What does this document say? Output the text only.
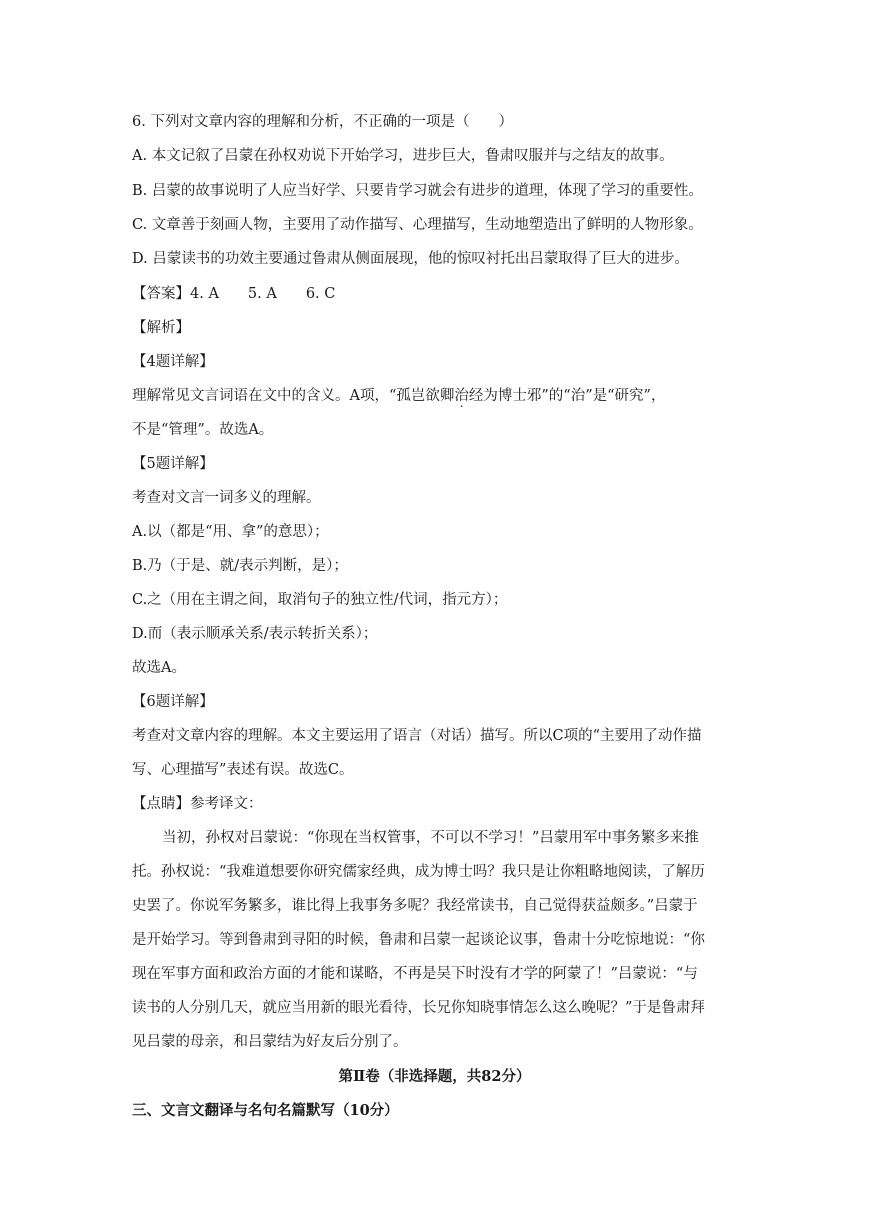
6. 下列对文章内容的理解和分析，不正确的一项是（　　）
A. 本文记叙了吕蒙在孙权劝说下开始学习，进步巨大，鲁肃叹服并与之结友的故事。
B. 吕蒙的故事说明了人应当好学、只要肯学习就会有进步的道理，体现了学习的重要性。
C. 文章善于刻画人物，主要用了动作描写、心理描写，生动地塑造出了鲜明的人物形象。
D. 吕蒙读书的功效主要通过鲁肃从侧面展现，他的惊叹衬托出吕蒙取得了巨大的进步。
【答案】4. A　　5. A　　6. C
【解析】
【4题详解】
理解常见文言词语在文中的含义。A项，“孤岂欲卿治经为博士邪”的“治”是“研究”，
不是“管理”。故选A。
【5题详解】
考查对文言一词多义的理解。
A.以（都是“用、拿”的意思）；
B.乃（于是、就/表示判断，是）；
C.之（用在主谓之间，取消句子的独立性/代词，指元方）；
D.而（表示顺承关系/表示转折关系）；
故选A。
【6题详解】
考查对文章内容的理解。本文主要运用了语言（对话）描写。所以C项的“主要用了动作描
写、心理描写”表述有误。故选C。
【点睛】参考译文：
当初，孙权对吕蒙说：“你现在当权管事，不可以不学习！”吕蒙用军中事务繁多来推
托。孙权说：“我难道想要你研究儒家经典，成为博士吗？我只是让你粗略地阅读，了解历
史罢了。你说军务繁多，谁比得上我事务多呢？我经常读书，自己觉得获益颇多。”吕蒙于
是开始学习。等到鲁肃到寻阳的时候，鲁肃和吕蒙一起谈论议事，鲁肃十分吃惊地说：“你
现在军事方面和政治方面的才能和谋略，不再是吴下时没有才学的阿蒙了！”吕蒙说：“与
读书的人分别几天，就应当用新的眼光看待，长兄你知晓事情怎么这么晚呢？”于是鲁肃拜
见吕蒙的母亲，和吕蒙结为好友后分别了。
第Ⅱ卷（非选择题，共82分）
三、文言文翻译与名句名篇默写（10分）
